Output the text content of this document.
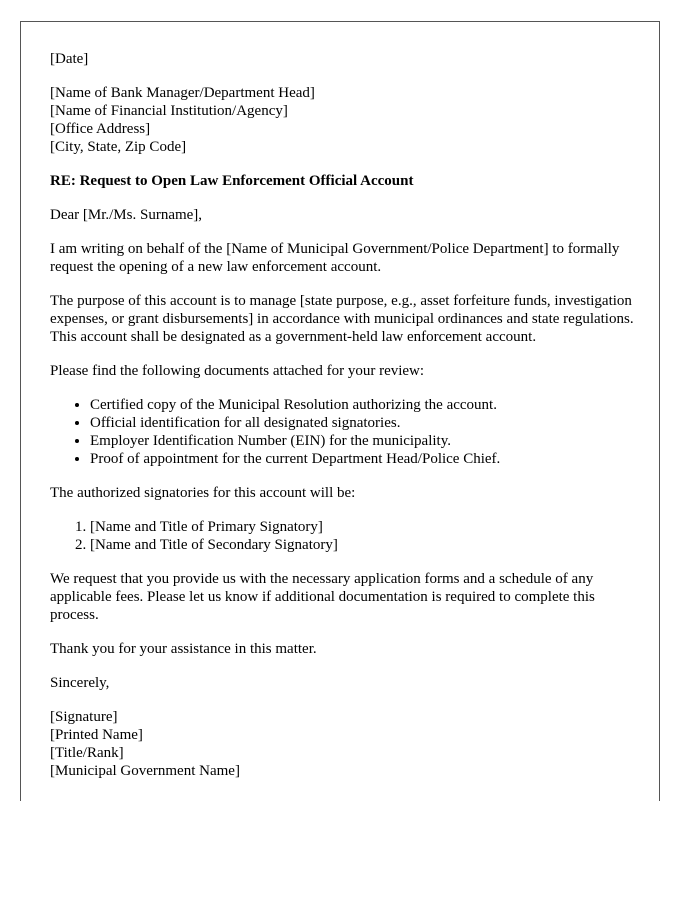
[Date]

[Name of Bank Manager/Department Head]
[Name of Financial Institution/Agency]
[Office Address]
[City, State, Zip Code]

RE: Request to Open Law Enforcement Official Account

Dear [Mr./Ms. Surname],

I am writing on behalf of the [Name of Municipal Government/Police Department] to formally request the opening of a new law enforcement account.

The purpose of this account is to manage [state purpose, e.g., asset forfeiture funds, investigation expenses, or grant disbursements] in accordance with municipal ordinances and state regulations. This account shall be designated as a government-held law enforcement account.

Please find the following documents attached for your review:

• Certified copy of the Municipal Resolution authorizing the account.
• Official identification for all designated signatories.
• Employer Identification Number (EIN) for the municipality.
• Proof of appointment for the current Department Head/Police Chief.

The authorized signatories for this account will be:

1. [Name and Title of Primary Signatory]
2. [Name and Title of Secondary Signatory]

We request that you provide us with the necessary application forms and a schedule of any applicable fees. Please let us know if additional documentation is required to complete this process.

Thank you for your assistance in this matter.

Sincerely,

[Signature]
[Printed Name]
[Title/Rank]
[Municipal Government Name]
